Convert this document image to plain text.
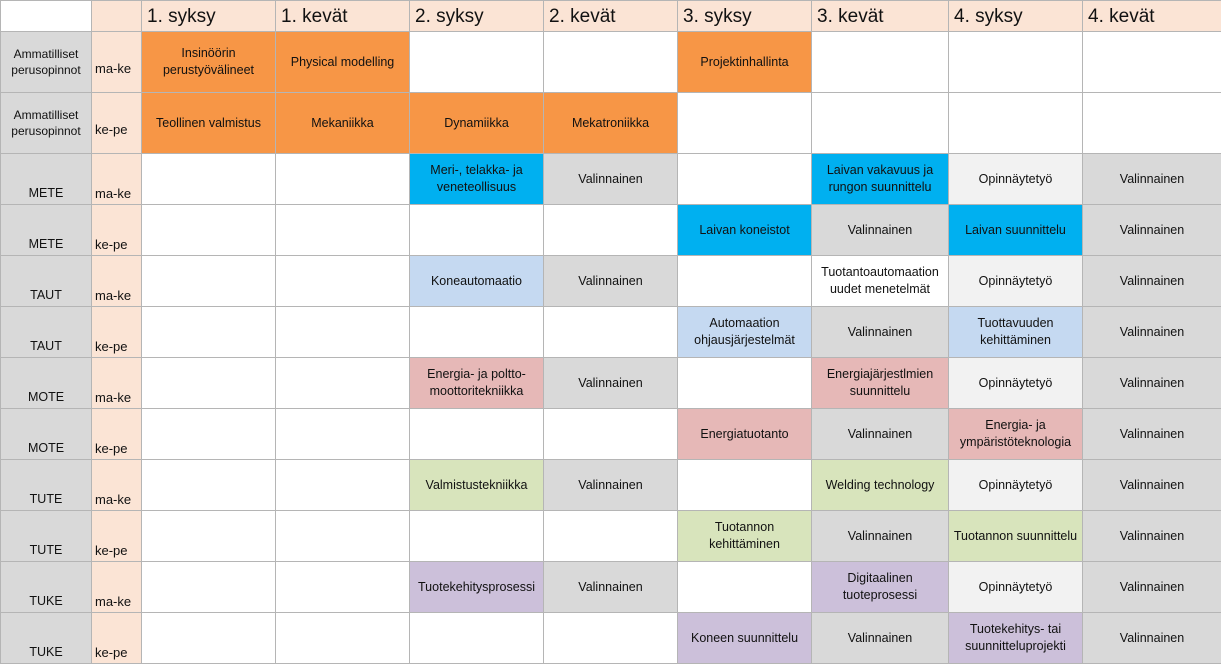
		1. syksy	1. kevät	2. syksy	2. kevät	3. syksy	3. kevät	4. syksy	4. kevät
Ammatilliset perusopinnot	ma-ke	Insinöörin perustyövälineet	Physical modelling			Projektinhallinta			
Ammatilliset perusopinnot	ke-pe	Teollinen valmistus	Mekaniikka	Dynamiikka	Mekatroniikka				
METE	ma-ke			Meri-, telakka- ja veneteollisuus	Valinnainen		Laivan vakavuus ja rungon suunnittelu	Opinnäytetyö	Valinnainen
METE	ke-pe					Laivan koneistot	Valinnainen	Laivan suunnittelu	Valinnainen
TAUT	ma-ke			Koneautomaatio	Valinnainen		Tuotantoautomaation uudet menetelmät	Opinnäytetyö	Valinnainen
TAUT	ke-pe					Automaation ohjausjärjestelmät	Valinnainen	Tuottavuuden kehittäminen	Valinnainen
MOTE	ma-ke			Energia- ja poltto-moottoritekniikka	Valinnainen		Energiajärjestlmien suunnittelu	Opinnäytetyö	Valinnainen
MOTE	ke-pe					Energiatuotanto	Valinnainen	Energia- ja ympäristöteknologia	Valinnainen
TUTE	ma-ke			Valmistustekniikka	Valinnainen		Welding technology	Opinnäytetyö	Valinnainen
TUTE	ke-pe					Tuotannon kehittäminen	Valinnainen	Tuotannon suunnittelu	Valinnainen
TUKE	ma-ke			Tuotekehitysprosessi	Valinnainen		Digitaalinen tuoteprosessi	Opinnäytetyö	Valinnainen
TUKE	ke-pe					Koneen suunnittelu	Valinnainen	Tuotekehitys- tai suunnitteluprojekti	Valinnainen
